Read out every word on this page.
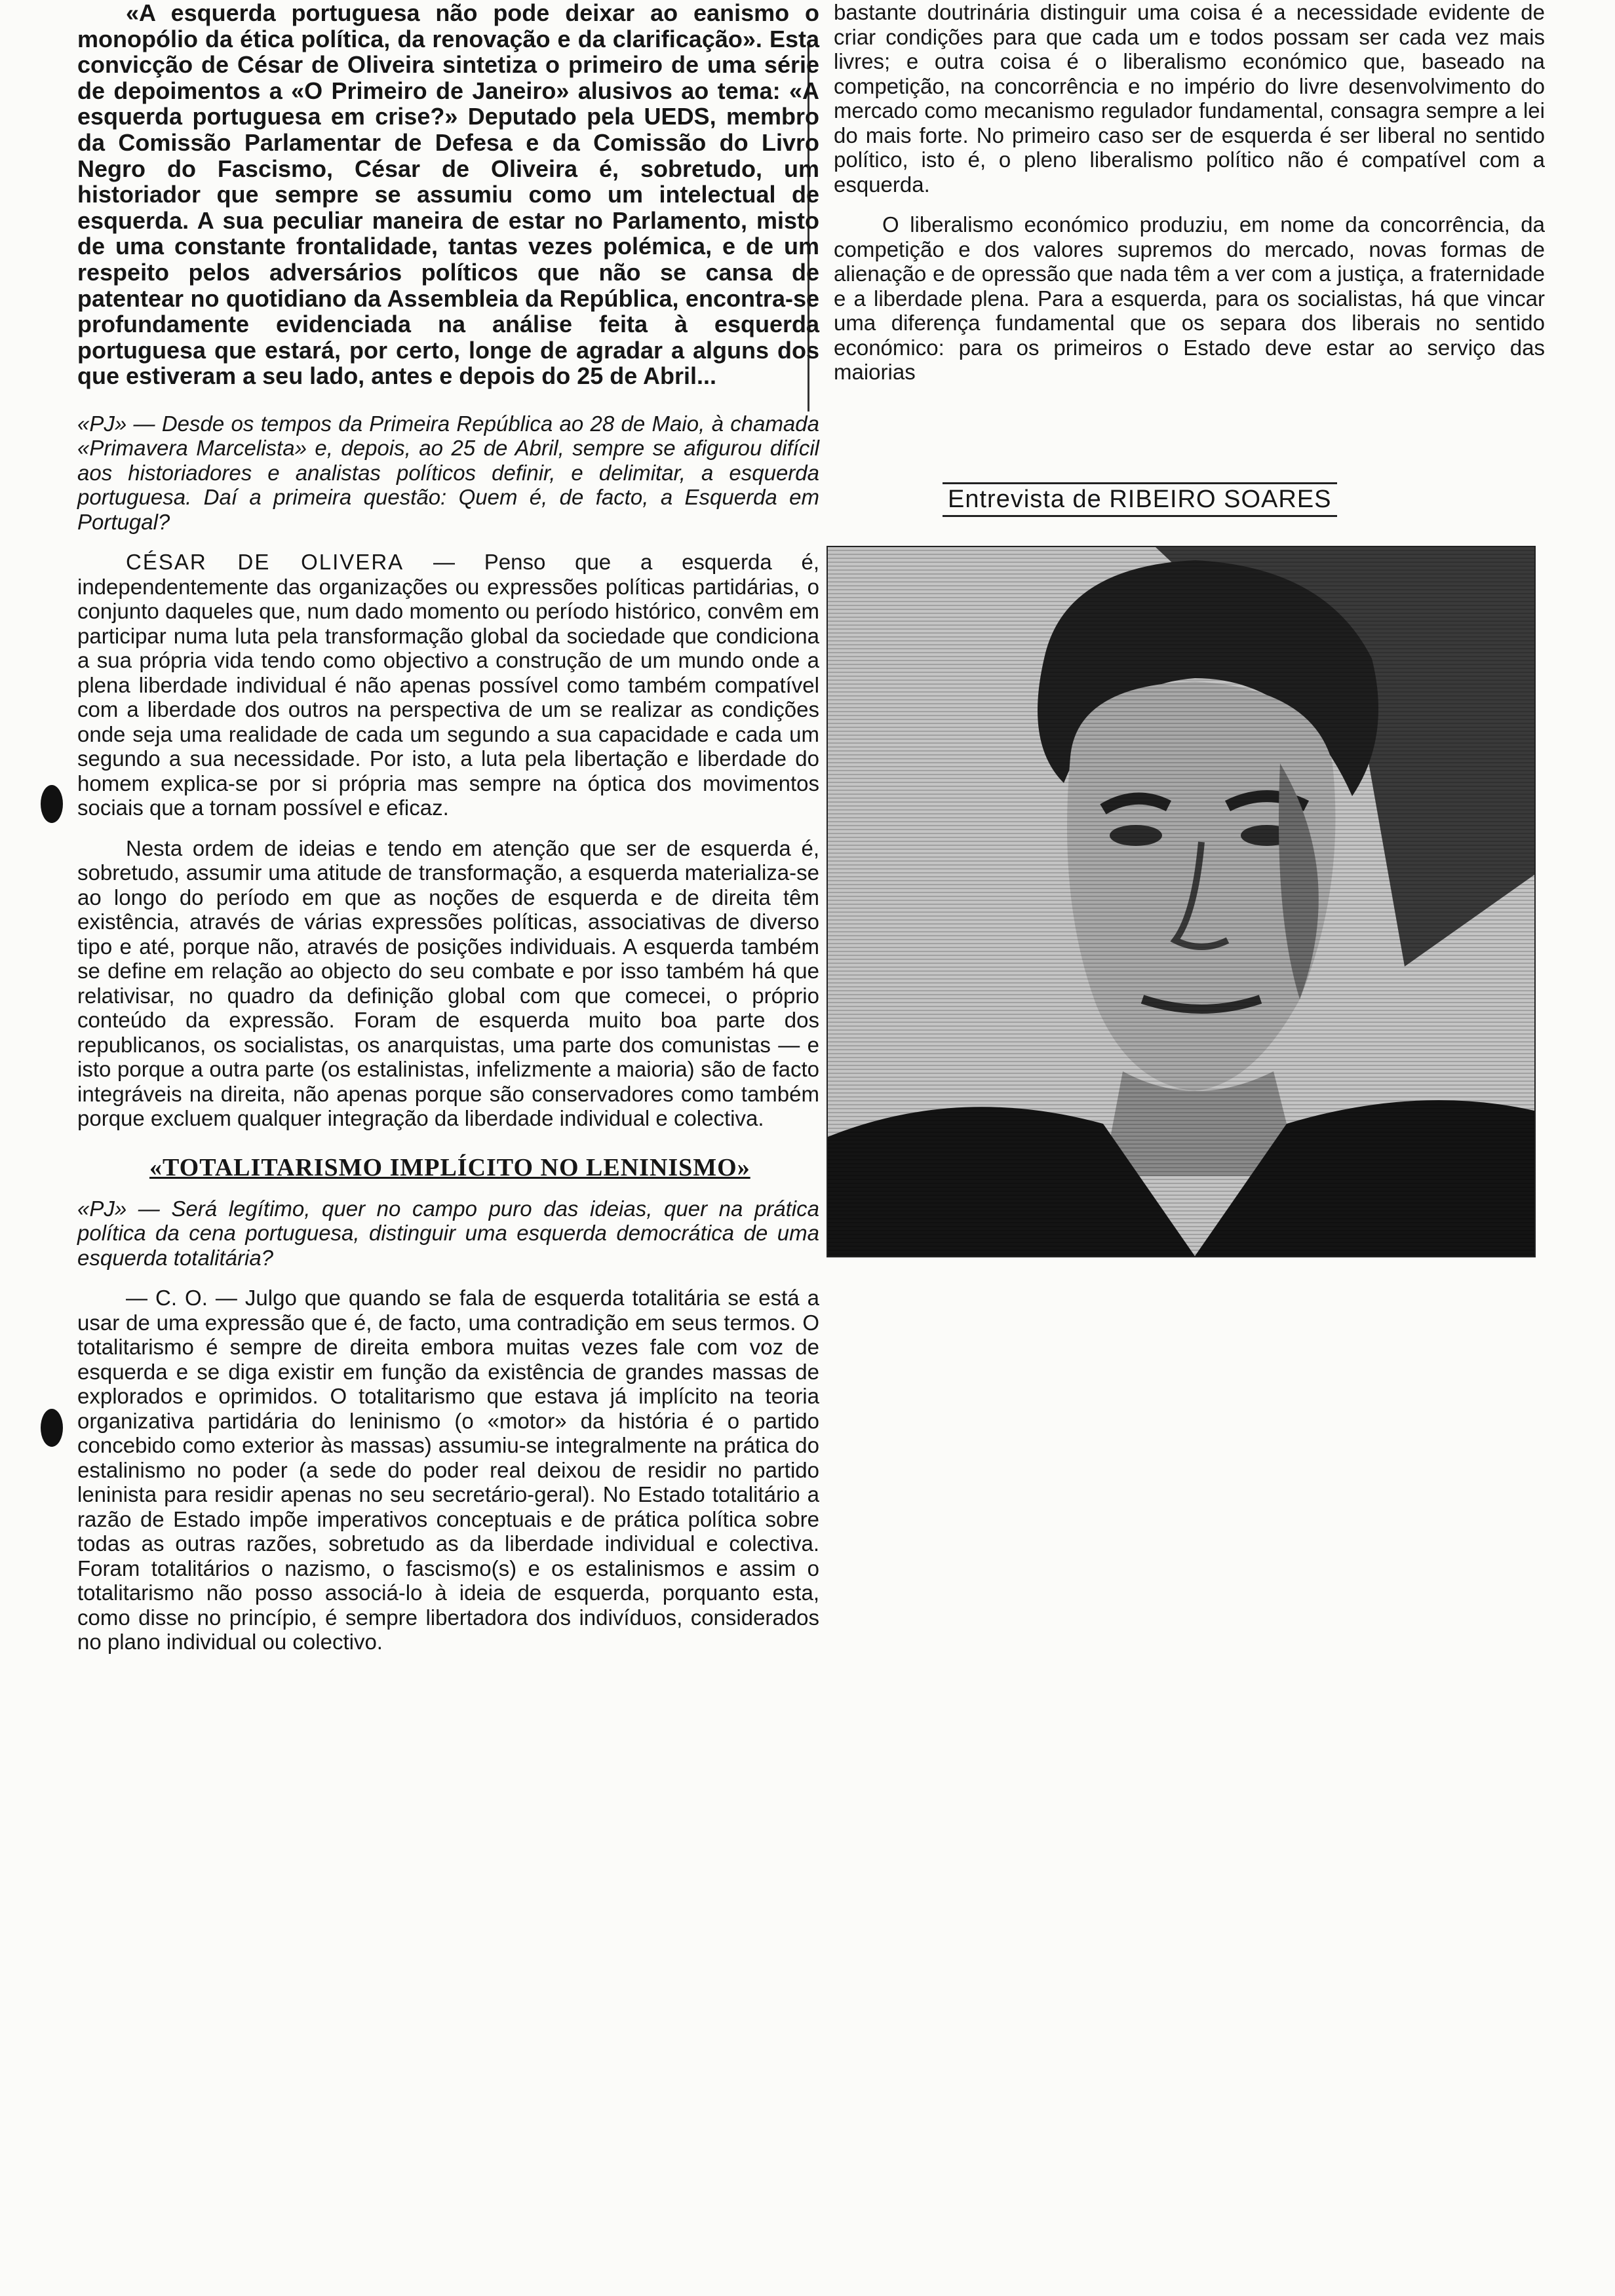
«A esquerda portuguesa não pode deixar ao eanismo o monopólio da ética política, da renovação e da clarificação». Esta convicção de César de Oliveira sintetiza o primeiro de uma série de depoimentos a «O Primeiro de Janeiro» alusivos ao tema: «A esquerda portuguesa em crise?» Deputado pela UEDS, membro da Comissão Parlamentar de Defesa e da Comissão do Livro Negro do Fascismo, César de Oliveira é, sobretudo, um historiador que sempre se assumiu como um intelectual de esquerda. A sua peculiar maneira de estar no Parlamento, misto de uma constante frontalidade, tantas vezes polémica, e de um respeito pelos adversários políticos que não se cansa de patentear no quotidiano da Assembleia da República, encontra-se profundamente evidenciada na análise feita à esquerda portuguesa que estará, por certo, longe de agradar a alguns dos que estiveram a seu lado, antes e depois do 25 de Abril...

«PJ» — Desde os tempos da Primeira República ao 28 de Maio, à chamada «Primavera Marcelista» e, depois, ao 25 de Abril, sempre se afigurou difícil aos historiadores e analistas políticos definir, e delimitar, a esquerda portuguesa. Daí a primeira questão: Quem é, de facto, a Esquerda em Portugal?

CÉSAR DE OLIVERA — Penso que a esquerda é, independentemente das organizações ou expressões políticas partidárias, o conjunto daqueles que, num dado momento ou período histórico, convêm em participar numa luta pela transformação global da sociedade que condiciona a sua própria vida tendo como objectivo a construção de um mundo onde a plena liberdade individual é não apenas possível como também compatível com a liberdade dos outros na perspectiva de um se realizar as condições onde seja uma realidade de cada um segundo a sua capacidade e cada um segundo a sua necessidade. Por isto, a luta pela libertação e liberdade do homem explica-se por si própria mas sempre na óptica dos movimentos sociais que a tornam possível e eficaz.

Nesta ordem de ideias e tendo em atenção que ser de esquerda é, sobretudo, assumir uma atitude de transformação, a esquerda materializa-se ao longo do período em que as noções de esquerda e de direita têm existência, através de várias expressões políticas, associativas de diverso tipo e até, porque não, através de posições individuais. A esquerda também se define em relação ao objecto do seu combate e por isso também há que relativisar, no quadro da definição global com que comecei, o próprio conteúdo da expressão. Foram de esquerda muito boa parte dos republicanos, os socialistas, os anarquistas, uma parte dos comunistas — e isto porque a outra parte (os estalinistas, infelizmente a maioria) são de facto integráveis na direita, não apenas porque são conservadores como também porque excluem qualquer integração da liberdade individual e colectiva.

«TOTALITARISMO IMPLÍCITO NO LENINISMO»

«PJ» — Será legítimo, quer no campo puro das ideias, quer na prática política da cena portuguesa, distinguir uma esquerda democrática de uma esquerda totalitária?

— C. O. — Julgo que quando se fala de esquerda totalitária se está a usar de uma expressão que é, de facto, uma contradição em seus termos. O totalitarismo é sempre de direita embora muitas vezes fale com voz de esquerda e se diga existir em função da existência de grandes massas de explorados e oprimidos. O totalitarismo que estava já implícito na teoria organizativa partidária do leninismo (o «motor» da história é o partido concebido como exterior às massas) assumiu-se integralmente na prática do estalinismo no poder (a sede do poder real deixou de residir no partido leninista para residir apenas no seu secretário-geral). No Estado totalitário a razão de Estado impõe imperativos conceptuais e de prática política sobre todas as outras razões, sobretudo as da liberdade individual e colectiva. Foram totalitários o nazismo, o fascismo(s) e os estalinismos e assim o totalitarismo não posso associá-lo à ideia de esquerda, porquanto esta, como disse no princípio, é sempre libertadora dos indivíduos, considerados no plano individual ou colectivo.

bastante doutrinária distinguir uma coisa é a necessidade evidente de criar condições para que cada um e todos possam ser cada vez mais livres; e outra coisa é o liberalismo económico que, baseado na competição, na concorrência e no império do livre desenvolvimento do mercado como mecanismo regulador fundamental, consagra sempre a lei do mais forte. No primeiro caso ser de esquerda é ser liberal no sentido político, isto é, o pleno liberalismo político não é compatível com a esquerda.

O liberalismo económico produziu, em nome da concorrência, da competição e dos valores supremos do mercado, novas formas de alienação e de opressão que nada têm a ver com a justiça, a fraternidade e a liberdade plena. Para a esquerda, para os socialistas, há que vincar uma diferença fundamental que os separa dos liberais no sentido económico: para os primeiros o Estado deve estar ao serviço das maiorias

Entrevista de RIBEIRO SOARES
